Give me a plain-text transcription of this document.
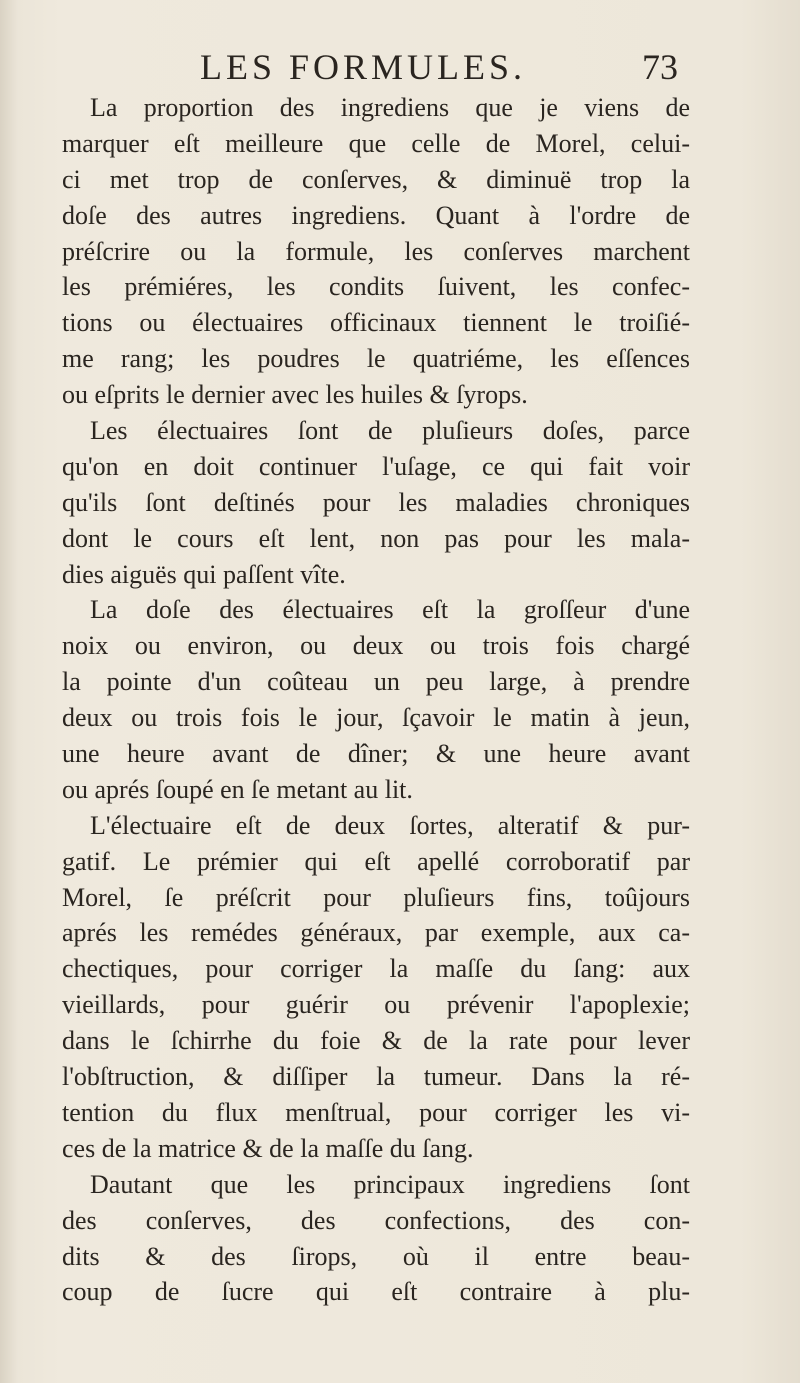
LES FORMULES.	73
La proportion des ingrediens que je viens de
marquer eſt meilleure que celle de Morel, celui-
ci met trop de conſerves, & diminuë trop la
doſe des autres ingrediens. Quant à l'ordre de
préſcrire ou la formule, les conſerves marchent
les prémiéres, les condits ſuivent, les confec-
tions ou électuaires officinaux tiennent le troiſié-
me rang; les poudres le quatriéme, les eſſences
ou eſprits le dernier avec les huiles & ſyrops.
Les électuaires ſont de pluſieurs doſes, parce
qu'on en doit continuer l'uſage, ce qui fait voir
qu'ils ſont deſtinés pour les maladies chroniques
dont le cours eſt lent, non pas pour les mala-
dies aiguës qui paſſent vîte.
La doſe des électuaires eſt la groſſeur d'une
noix ou environ, ou deux ou trois fois chargé
la pointe d'un coûteau un peu large, à prendre
deux ou trois fois le jour, ſçavoir le matin à jeun,
une heure avant de dîner; & une heure avant
ou aprés ſoupé en ſe metant au lit.
L'électuaire eſt de deux ſortes, alteratif & pur-
gatif. Le prémier qui eſt apellé corroboratif par
Morel, ſe préſcrit pour pluſieurs fins, toûjours
aprés les remédes généraux, par exemple, aux ca-
chectiques, pour corriger la maſſe du ſang: aux
vieillards, pour guérir ou prévenir l'apoplexie;
dans le ſchirrhe du foie & de la rate pour lever
l'obſtruction, & diſſiper la tumeur. Dans la ré-
tention du flux menſtrual, pour corriger les vi-
ces de la matrice & de la maſſe du ſang.
Dautant que les principaux ingrediens ſont
des conſerves, des confections, des con-
dits & des ſirops, où il entre beau-
coup de ſucre qui eſt contraire à plu-
